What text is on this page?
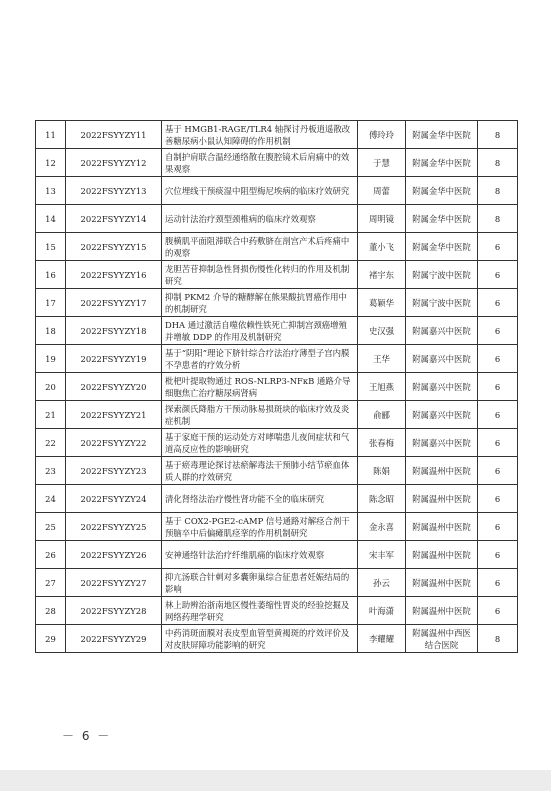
11	2022FSYYZY11	基于 HMGB1-RAGE/TLR4 轴探讨丹板逍遥散改善糖尿病小鼠认知障碍的作用机制	傅玲玲	附属金华中医院	8
12	2022FSYYZY12	自制护肩联合温经通络散在腹腔镜术后肩痛中的效果观察	于慧	附属金华中医院	8
13	2022FSYYZY13	穴位埋线干预痰湿中阻型梅尼埃病的临床疗效研究	周蕾	附属金华中医院	8
14	2022FSYYZY14	运动针法治疗颈型颈椎病的临床疗效观察	周明镜	附属金华中医院	8
15	2022FSYYZY15	腹横肌平面阻滞联合中药敷脐在剖宫产术后疼痛中的观察	董小飞	附属金华中医院	6
16	2022FSYYZY16	龙胆苦苷抑制急性肾损伤慢性化转归的作用及机制研究	褚宇东	附属宁波中医院	6
17	2022FSYYZY17	抑制 PKM2 介导的糖酵解在熊果酸抗胃癌作用中的机制研究	葛颖华	附属宁波中医院	6
18	2022FSYYZY18	DHA 通过激活自噬依赖性铁死亡抑制宫颈癌增殖并增敏 DDP 的作用及机制研究	史汉强	附属嘉兴中医院	6
19	2022FSYYZY19	基于“阴阳”理论下脐针综合疗法治疗薄型子宫内膜不孕患者的疗效分析	王华	附属嘉兴中医院	6
20	2022FSYYZY20	枇杷叶提取物通过 ROS-NLRP3-NFκB 通路介导细胞焦亡治疗糖尿病肾病	王旭燕	附属嘉兴中医院	6
21	2022FSYYZY21	探索颜氏降脂方干预动脉易损斑块的临床疗效及炎症机制	俞郦	附属嘉兴中医院	6
22	2022FSYYZY22	基于家庭干预的运动处方对哮喘患儿夜间症状和气道高反应性的影响研究	张春梅	附属嘉兴中医院	6
23	2022FSYYZY23	基于瘀毒理论探讨祛瘀解毒法干预肺小结节瘀血体质人群的疗效研究	陈娟	附属温州中医院	6
24	2022FSYYZY24	清化肾络法治疗慢性肾功能不全的临床研究	陈念昭	附属温州中医院	6
25	2022FSYYZY25	基于 COX2-PGE2-cAMP 信号通路对解痉合剂干预脑卒中后偏瘫肌痉挛的作用机制研究	金永喜	附属温州中医院	6
26	2022FSYYZY26	安神通络针法治疗纤维肌痛的临床疗效观察	宋丰军	附属温州中医院	6
27	2022FSYYZY27	抑亢汤联合针刺对多囊卵巢综合征患者妊娠结局的影响	孙云	附属温州中医院	6
28	2022FSYYZY28	林上助辨治浙南地区慢性萎缩性胃炎的经验挖掘及网络药理学研究	叶海潇	附属温州中医院	6
29	2022FSYYZY29	中药消斑面膜对表皮型血管型黄褐斑的疗效评价及对皮肤屏障功能影响的研究	李耀耀	附属温州中西医结合医院	8
－ 6 －
